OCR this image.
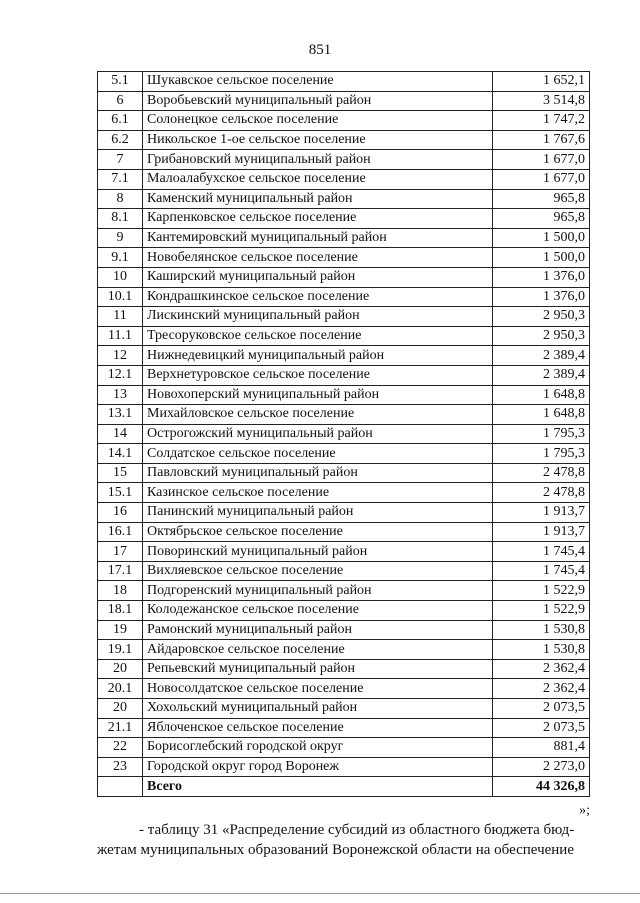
851
5.1	Шукавское сельское поселение	1 652,1
6	Воробьевский муниципальный район	3 514,8
6.1	Солонецкое сельское поселение	1 747,2
6.2	Никольское 1-ое сельское поселение	1 767,6
7	Грибановский муниципальный район	1 677,0
7.1	Малоалабухское сельское поселение	1 677,0
8	Каменский муниципальный район	965,8
8.1	Карпенковское сельское поселение	965,8
9	Кантемировский муниципальный район	1 500,0
9.1	Новобелянское сельское поселение	1 500,0
10	Каширский муниципальный район	1 376,0
10.1	Кондрашкинское сельское поселение	1 376,0
11	Лискинский муниципальный район	2 950,3
11.1	Тресоруковское сельское поселение	2 950,3
12	Нижнедевицкий муниципальный район	2 389,4
12.1	Верхнетуровское сельское поселение	2 389,4
13	Новохоперский муниципальный район	1 648,8
13.1	Михайловское сельское поселение	1 648,8
14	Острогожский муниципальный район	1 795,3
14.1	Солдатское сельское поселение	1 795,3
15	Павловский муниципальный район	2 478,8
15.1	Казинское сельское поселение	2 478,8
16	Панинский муниципальный район	1 913,7
16.1	Октябрьское сельское поселение	1 913,7
17	Поворинский муниципальный район	1 745,4
17.1	Вихляевское сельское поселение	1 745,4
18	Подгоренский муниципальный район	1 522,9
18.1	Колодежанское сельское поселение	1 522,9
19	Рамонский муниципальный район	1 530,8
19.1	Айдаровское сельское поселение	1 530,8
20	Репьевский муниципальный район	2 362,4
20.1	Новосолдатское сельское поселение	2 362,4
20	Хохольский муниципальный район	2 073,5
21.1	Яблоченское сельское поселение	2 073,5
22	Борисоглебский городской округ	881,4
23	Городской округ город Воронеж	2 273,0
	Всего	44 326,8
»;
- таблицу 31 «Распределение субсидий из областного бюджета бюд-
жетам муниципальных образований Воронежской области на обеспечение
